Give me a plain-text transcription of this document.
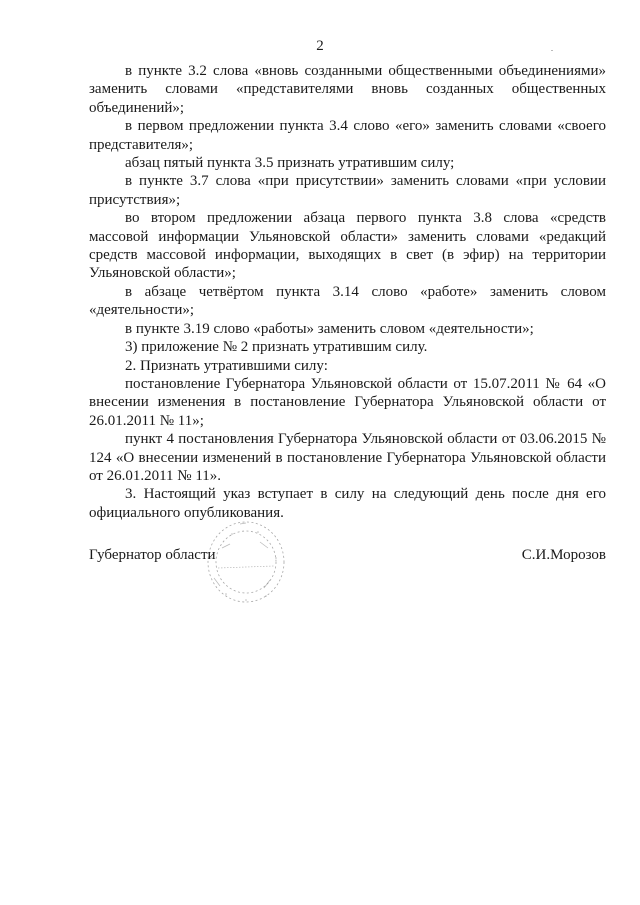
2

в пункте 3.2 слова «вновь созданными общественными объединениями» заменить словами «представителями вновь созданных общественных объединений»;

в первом предложении пункта 3.4 слово «его» заменить словами «своего представителя»;

абзац пятый пункта 3.5 признать утратившим силу;

в пункте 3.7 слова «при присутствии» заменить словами «при условии присутствия»;

во втором предложении абзаца первого пункта 3.8 слова «средств массовой информации Ульяновской области» заменить словами «редакций средств массовой информации, выходящих в свет (в эфир) на территории Ульяновской области»;

в абзаце четвёртом пункта 3.14 слово «работе» заменить словом «деятельности»;

в пункте 3.19 слово «работы» заменить словом «деятельности»;

3) приложение № 2 признать утратившим силу.

2. Признать утратившими силу:

постановление Губернатора Ульяновской области от 15.07.2011 № 64 «О внесении изменения в постановление Губернатора Ульяновской области от 26.01.2011 № 11»;

пункт 4 постановления Губернатора Ульяновской области от 03.06.2015 № 124 «О внесении изменений в постановление Губернатора Ульяновской области от 26.01.2011 № 11».

3. Настоящий указ вступает в силу на следующий день после дня его официального опубликования.

Губернатор области	С.И.Морозов
